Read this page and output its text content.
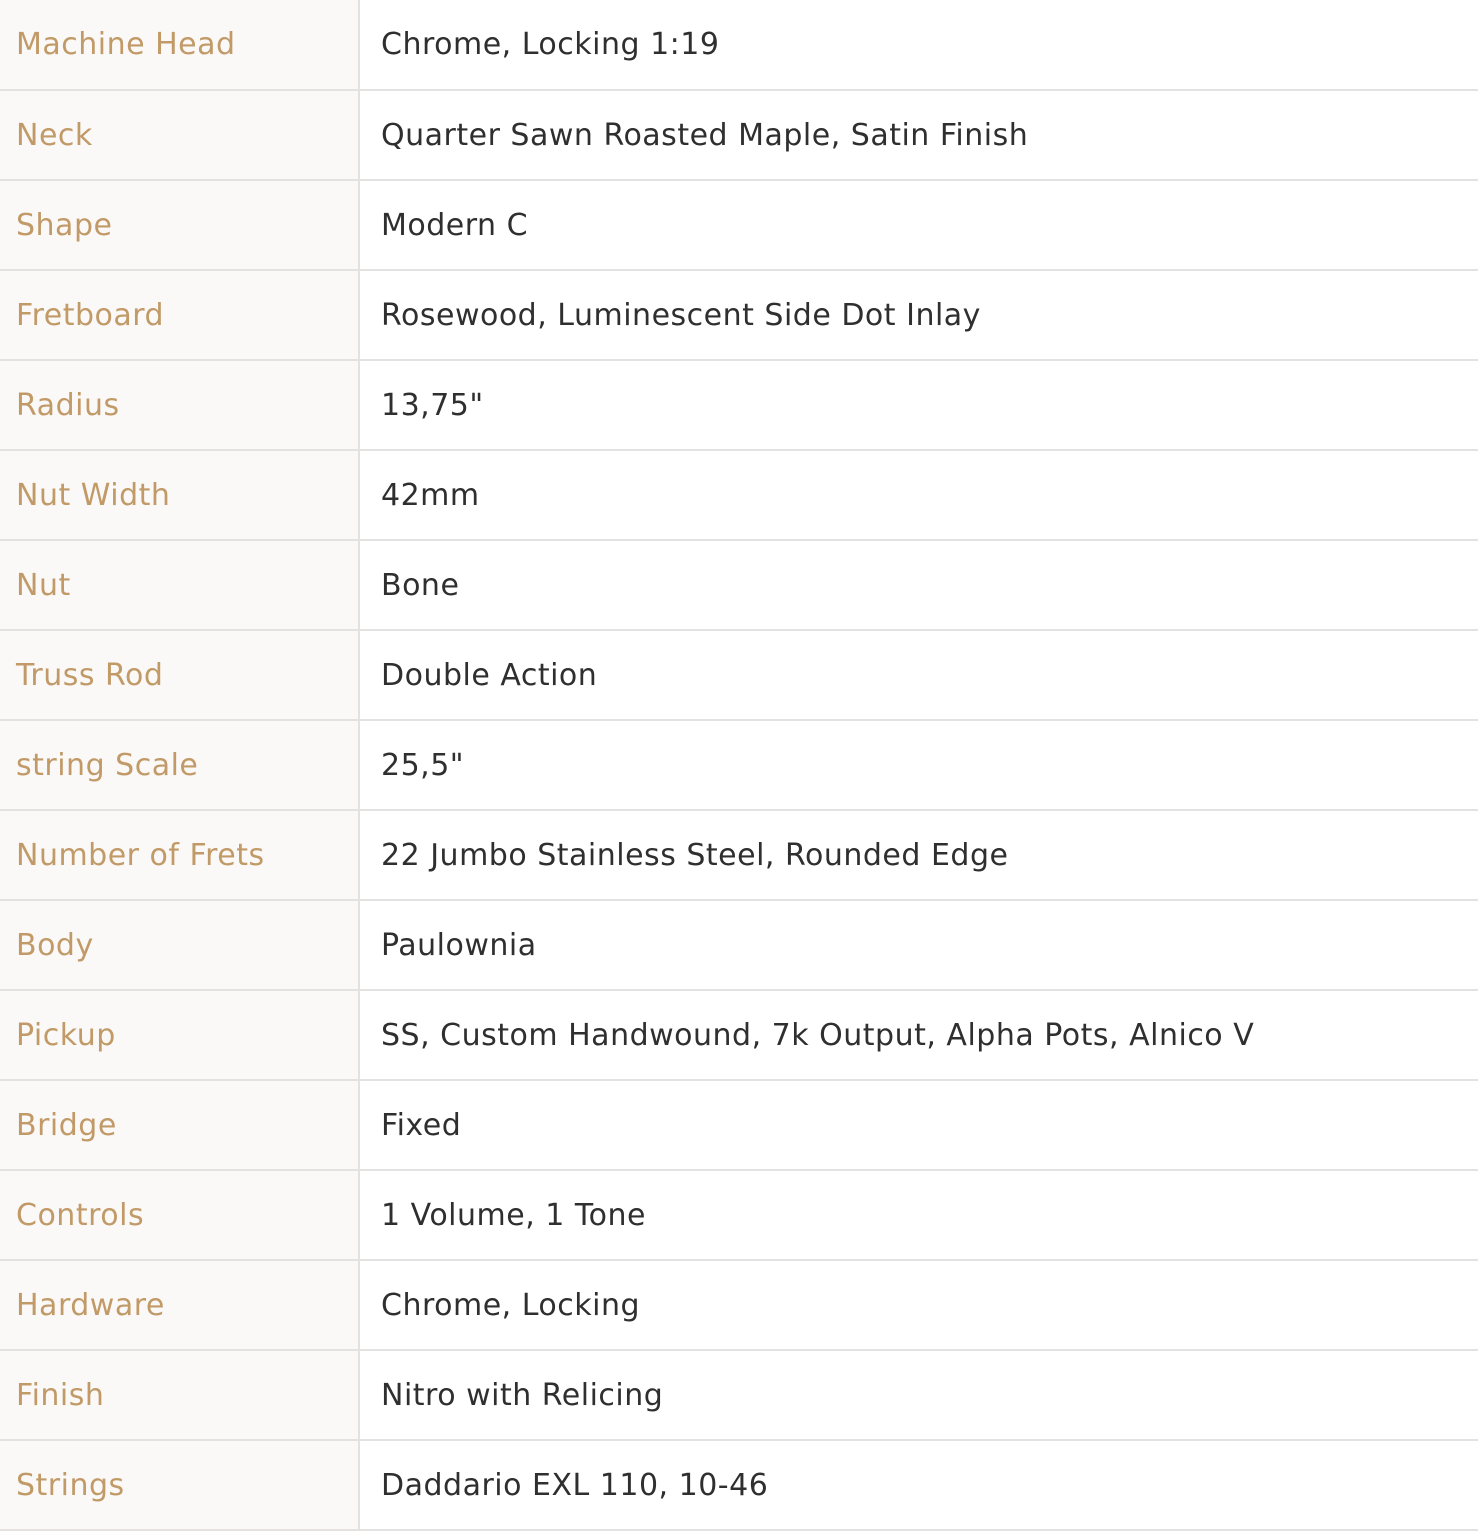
Machine Head	Chrome, Locking 1:19
Neck	Quarter Sawn Roasted Maple, Satin Finish
Shape	Modern C
Fretboard	Rosewood, Luminescent Side Dot Inlay
Radius	13,75"
Nut Width	42mm
Nut	Bone
Truss Rod	Double Action
string Scale	25,5"
Number of Frets	22 Jumbo Stainless Steel, Rounded Edge
Body	Paulownia
Pickup	SS, Custom Handwound, 7k Output, Alpha Pots, Alnico V
Bridge	Fixed
Controls	1 Volume, 1 Tone
Hardware	Chrome, Locking
Finish	Nitro with Relicing
Strings	Daddario EXL 110, 10-46
